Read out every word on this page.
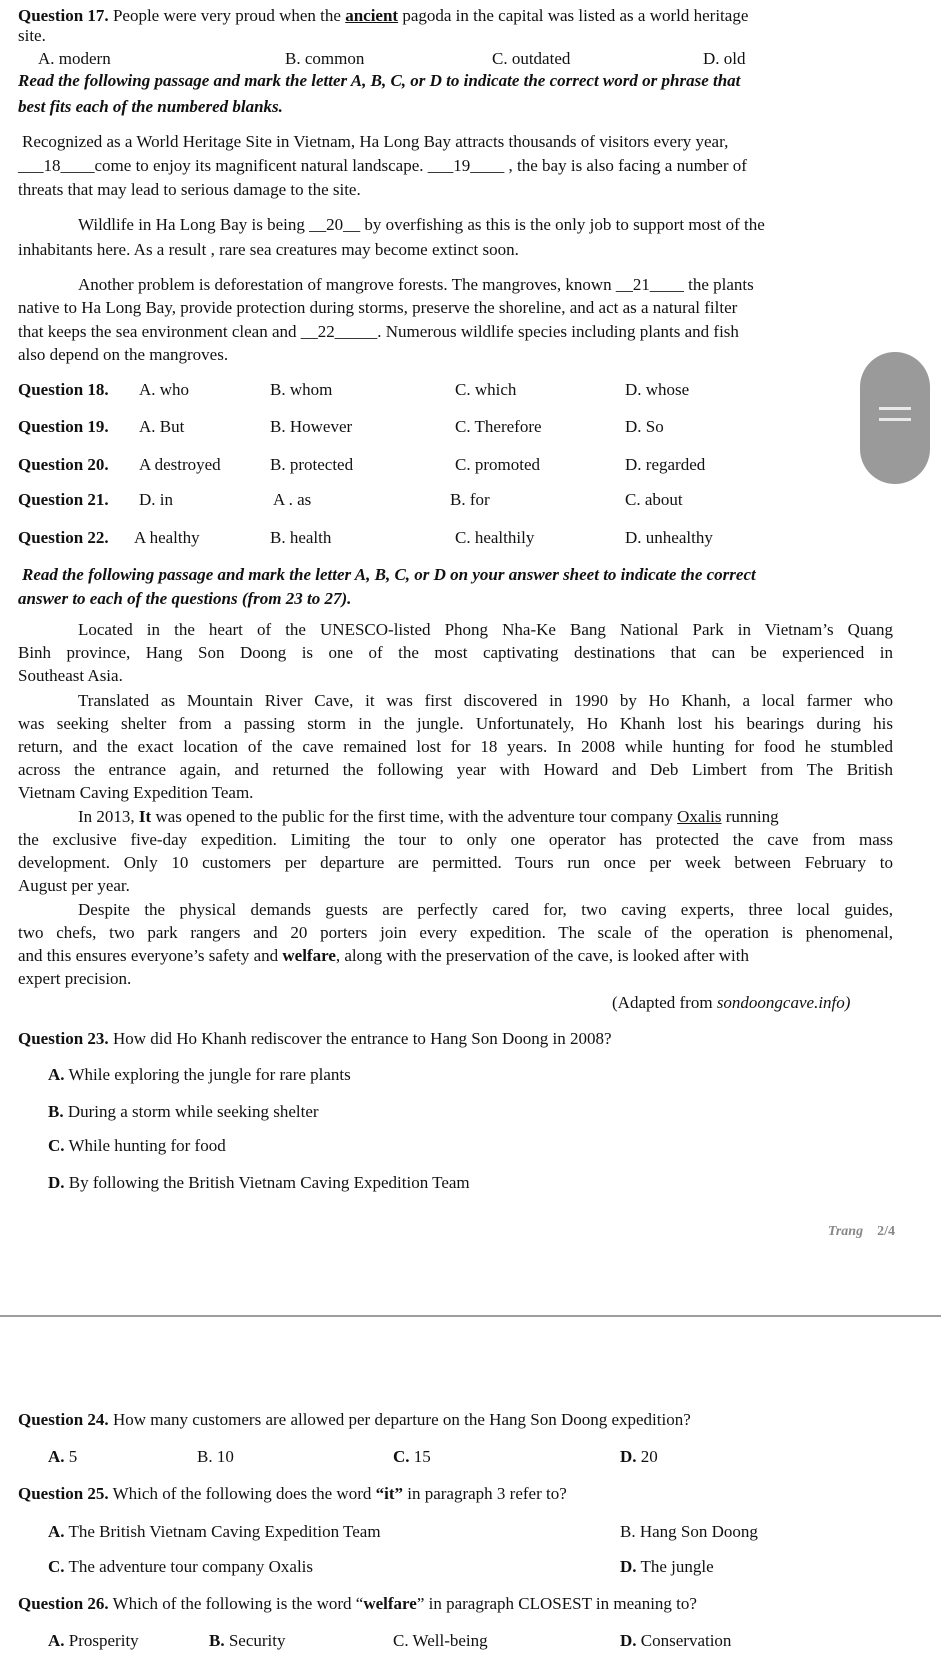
Question 17. People were very proud when the ancient pagoda in the capital was listed as a world heritage
site.
A. modern	B. common	C. outdated	D. old
Read the following passage and mark the letter A, B, C, or D to indicate the correct word or phrase that
best fits each of the numbered blanks.
Recognized as a World Heritage Site in Vietnam, Ha Long Bay attracts thousands of visitors every year,
___18____come to enjoy its magnificent natural landscape. ___19____ , the bay is also facing a number of
threats that may lead to serious damage to the site.
Wildlife in Ha Long Bay is being __20__ by overfishing as this is the only job to support most of the
inhabitants here. As a result , rare sea creatures may become extinct soon.
Another problem is deforestation of mangrove forests. The mangroves, known __21____ the plants
native to Ha Long Bay, provide protection during storms, preserve the shoreline, and act as a natural filter
that keeps the sea environment clean and __22_____. Numerous wildlife species including plants and fish
also depend on the mangroves.
Question 18. A. who	B. whom	C. which	D. whose
Question 19. A. But	B. However	C. Therefore	D. So
Question 20. A destroyed	B. protected	C. promoted	D. regarded
Question 21. D. in	A . as	B. for	C. about
Question 22. A healthy	B. health	C. healthily	D. unhealthy
Read the following passage and mark the letter A, B, C, or D on your answer sheet to indicate the correct
answer to each of the questions (from 23 to 27).
Located in the heart of the UNESCO-listed Phong Nha-Ke Bang National Park in Vietnam’s Quang
Binh province, Hang Son Doong is one of the most captivating destinations that can be experienced in
Southeast Asia.
Translated as Mountain River Cave, it was first discovered in 1990 by Ho Khanh, a local farmer who
was seeking shelter from a passing storm in the jungle. Unfortunately, Ho Khanh lost his bearings during his
return, and the exact location of the cave remained lost for 18 years. In 2008 while hunting for food he stumbled
across the entrance again, and returned the following year with Howard and Deb Limbert from The British
Vietnam Caving Expedition Team.
In 2013, It was opened to the public for the first time, with the adventure tour company Oxalis running
the exclusive five-day expedition. Limiting the tour to only one operator has protected the cave from mass
development. Only 10 customers per departure are permitted. Tours run once per week between February to
August per year.
Despite the physical demands guests are perfectly cared for, two caving experts, three local guides,
two chefs, two park rangers and 20 porters join every expedition. The scale of the operation is phenomenal,
and this ensures everyone’s safety and welfare, along with the preservation of the cave, is looked after with
expert precision.
(Adapted from sondoongcave.info)
Question 23. How did Ho Khanh rediscover the entrance to Hang Son Doong in 2008?
A. While exploring the jungle for rare plants
B. During a storm while seeking shelter
C. While hunting for food
D. By following the British Vietnam Caving Expedition Team
Trang 2/4
Question 24. How many customers are allowed per departure on the Hang Son Doong expedition?
A. 5	B. 10	C. 15	D. 20
Question 25. Which of the following does the word “it” in paragraph 3 refer to?
A. The British Vietnam Caving Expedition Team	B. Hang Son Doong
C. The adventure tour company Oxalis	D. The jungle
Question 26. Which of the following is the word “welfare” in paragraph CLOSEST in meaning to?
A. Prosperity	B. Security	C. Well-being	D. Conservation
